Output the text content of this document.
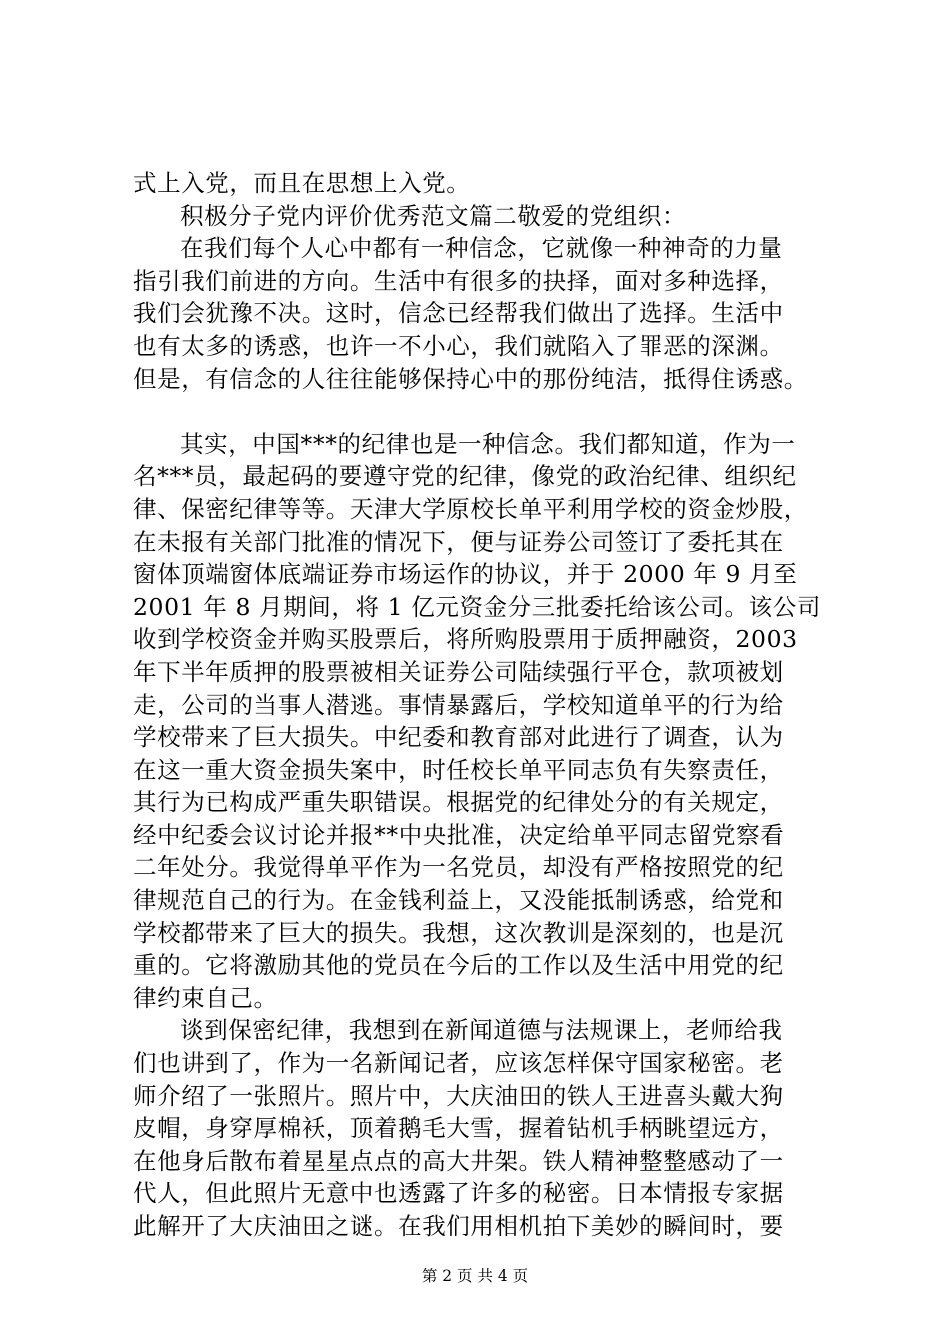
式上入党，而且在思想上入党。
积极分子党内评价优秀范文篇二敬爱的党组织：
在我们每个人心中都有一种信念，它就像一种神奇的力量
指引我们前进的方向。生活中有很多的抉择，面对多种选择，
我们会犹豫不决。这时，信念已经帮我们做出了选择。生活中
也有太多的诱惑，也许一不小心，我们就陷入了罪恶的深渊。
但是，有信念的人往往能够保持心中的那份纯洁，抵得住诱惑。
其实，中国***的纪律也是一种信念。我们都知道，作为一
名***员，最起码的要遵守党的纪律，像党的政治纪律、组织纪
律、保密纪律等等。天津大学原校长单平利用学校的资金炒股，
在未报有关部门批准的情况下，便与证券公司签订了委托其在
窗体顶端窗体底端证券市场运作的协议，并于 2000 年 9 月至
2001 年 8 月期间，将 1 亿元资金分三批委托给该公司。该公司
收到学校资金并购买股票后，将所购股票用于质押融资，2003
年下半年质押的股票被相关证券公司陆续强行平仓，款项被划
走，公司的当事人潜逃。事情暴露后，学校知道单平的行为给
学校带来了巨大损失。中纪委和教育部对此进行了调查，认为
在这一重大资金损失案中，时任校长单平同志负有失察责任，
其行为已构成严重失职错误。根据党的纪律处分的有关规定，
经中纪委会议讨论并报**中央批准，决定给单平同志留党察看
二年处分。我觉得单平作为一名党员，却没有严格按照党的纪
律规范自己的行为。在金钱利益上，又没能抵制诱惑，给党和
学校都带来了巨大的损失。我想，这次教训是深刻的，也是沉
重的。它将激励其他的党员在今后的工作以及生活中用党的纪
律约束自己。
谈到保密纪律，我想到在新闻道德与法规课上，老师给我
们也讲到了，作为一名新闻记者，应该怎样保守国家秘密。老
师介绍了一张照片。照片中，大庆油田的铁人王进喜头戴大狗
皮帽，身穿厚棉袄，顶着鹅毛大雪，握着钻机手柄眺望远方，
在他身后散布着星星点点的高大井架。铁人精神整整感动了一
代人，但此照片无意中也透露了许多的秘密。日本情报专家据
此解开了大庆油田之谜。在我们用相机拍下美妙的瞬间时，要
第 2 页 共 4 页
